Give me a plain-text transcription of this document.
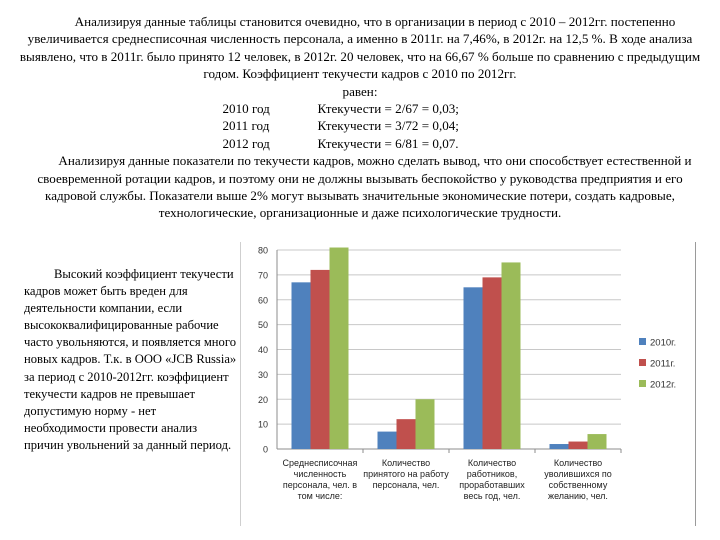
Анализируя данные таблицы становится очевидно, что в организации в период с 2010 – 2012гг. постепенно увеличивается среднесписочная численность персонала, а именно в 2011г. на 7,46%, в 2012г. на 12,5 %. В ходе анализа выявлено, что в 2011г. было принято 12 человек, в 2012г. 20 человек, что на 66,67 % больше по сравнению с предыдущим годом. Коэффициент текучести кадров с 2010 по 2012гг.

равен:

2010 год	Ктекучести = 2/67 = 0,03;
2011 год	Ктекучести = 3/72 = 0,04;
2012 год	Ктекучести = 6/81 = 0,07.

Анализируя данные показатели по текучести кадров, можно сделать вывод, что они способствует естественной и своевременной ротации кадров, и поэтому они не должны вызывать беспокойство у руководства предприятия и его кадровой службы. Показатели выше 2% могут вызывать значительные экономические потери, создать кадровые, технологические, организационные и даже психологические трудности.

Высокий коэффициент текучести кадров может быть вреден для деятельности компании, если высококвалифицированные рабочие часто увольняются, и появляется много новых кадров. Т.к. в ООО «JCB Russia» за период с 2010-2012гг. коэффициент текучести кадров не превышает допустимую норму - нет необходимости провести анализ причин увольнений за данный период.	0
10
20
30
40
50
60
70
80
Среднесписочная численность персонала, чел. в том числе:
Количество принятого на работу персонала, чел.
Количество работников, проработавших весь год, чел.
Количество уволившихся по собственному желанию, чел.
2010г.
2011г.
2012г.
